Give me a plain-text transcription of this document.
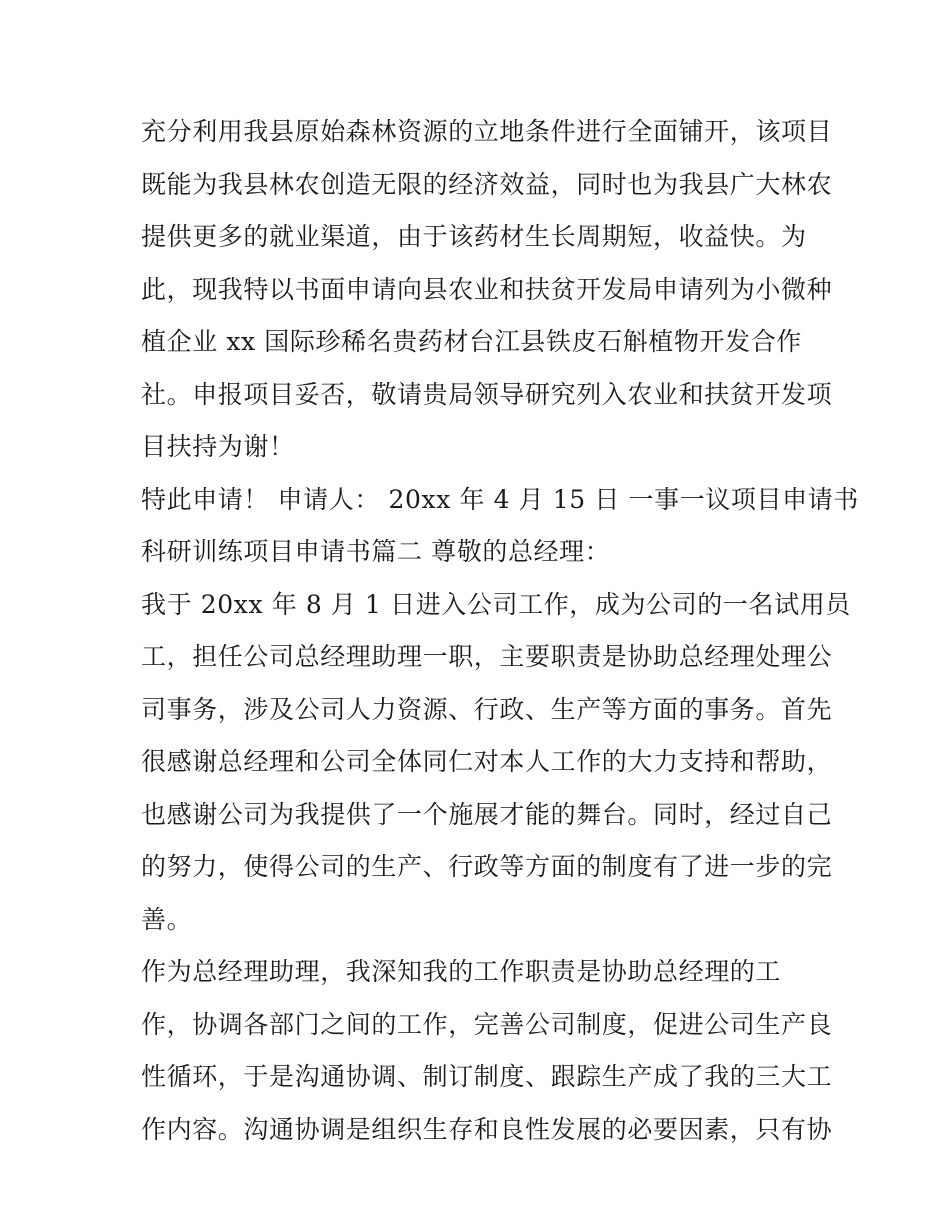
充分利用我县原始森林资源的立地条件进行全面铺开，该项目
既能为我县林农创造无限的经济效益，同时也为我县广大林农
提供更多的就业渠道，由于该药材生长周期短，收益快。为
此，现我特以书面申请向县农业和扶贫开发局申请列为小微种
植企业 xx 国际珍稀名贵药材台江县铁皮石斛植物开发合作
社。申报项目妥否，敬请贵局领导研究列入农业和扶贫开发项
目扶持为谢！
特此申请！ 申请人： 20xx 年 4 月 15 日 一事一议项目申请书
科研训练项目申请书篇二 尊敬的总经理：
我于 20xx 年 8 月 1 日进入公司工作，成为公司的一名试用员
工，担任公司总经理助理一职，主要职责是协助总经理处理公
司事务，涉及公司人力资源、行政、生产等方面的事务。首先
很感谢总经理和公司全体同仁对本人工作的大力支持和帮助，
也感谢公司为我提供了一个施展才能的舞台。同时，经过自己
的努力，使得公司的生产、行政等方面的制度有了进一步的完
善。
作为总经理助理，我深知我的工作职责是协助总经理的工
作，协调各部门之间的工作，完善公司制度，促进公司生产良
性循环，于是沟通协调、制订制度、跟踪生产成了我的三大工
作内容。沟通协调是组织生存和良性发展的必要因素，只有协
